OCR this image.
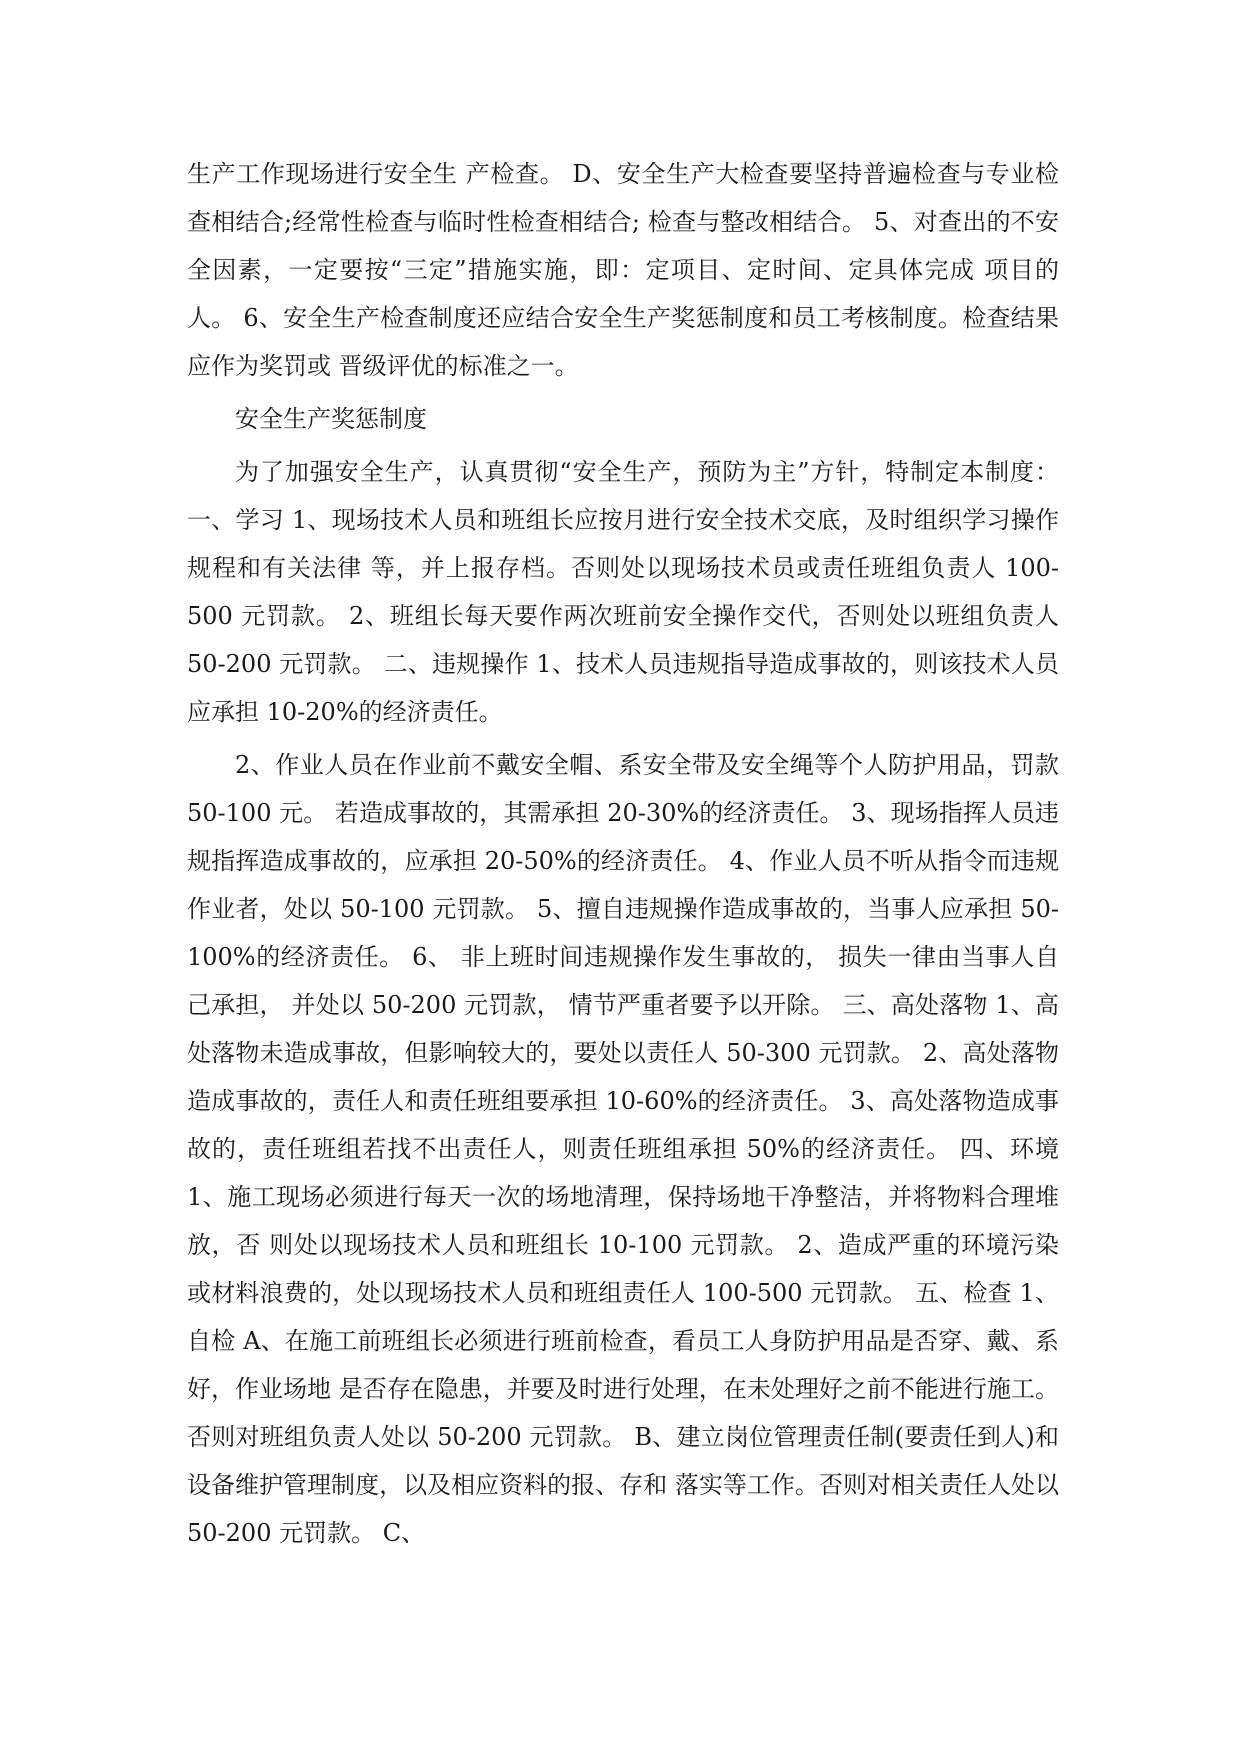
生产工作现场进行安全生 产检查。 D、安全生产大检查要坚持普遍检查与专业检查相结合;经常性检查与临时性检查相结合; 检查与整改相结合。 5、对查出的不安全因素，一定要按“三定”措施实施，即：定项目、定时间、定具体完成 项目的人。 6、安全生产检查制度还应结合安全生产奖惩制度和员工考核制度。检查结果应作为奖罚或 晋级评优的标准之一。

安全生产奖惩制度

为了加强安全生产，认真贯彻“安全生产，预防为主”方针，特制定本制度： 一、学习 1、现场技术人员和班组长应按月进行安全技术交底，及时组织学习操作规程和有关法律 等，并上报存档。否则处以现场技术员或责任班组负责人 100-500 元罚款。 2、班组长每天要作两次班前安全操作交代，否则处以班组负责人 50-200 元罚款。 二、违规操作 1、技术人员违规指导造成事故的，则该技术人员应承担 10-20%的经济责任。

2、作业人员在作业前不戴安全帽、系安全带及安全绳等个人防护用品，罚款 50-100 元。 若造成事故的，其需承担 20-30%的经济责任。 3、现场指挥人员违规指挥造成事故的，应承担 20-50%的经济责任。 4、作业人员不听从指令而违规作业者，处以 50-100 元罚款。 5、擅自违规操作造成事故的，当事人应承担 50-100%的经济责任。 6、 非上班时间违规操作发生事故的， 损失一律由当事人自己承担， 并处以 50-200 元罚款， 情节严重者要予以开除。 三、高处落物 1、高处落物未造成事故，但影响较大的，要处以责任人 50-300 元罚款。 2、高处落物造成事故的，责任人和责任班组要承担 10-60%的经济责任。 3、高处落物造成事故的，责任班组若找不出责任人，则责任班组承担 50%的经济责任。 四、环境 1、施工现场必须进行每天一次的场地清理，保持场地干净整洁，并将物料合理堆放，否 则处以现场技术人员和班组长 10-100 元罚款。 2、造成严重的环境污染或材料浪费的，处以现场技术人员和班组责任人 100-500 元罚款。 五、检查 1、自检 A、在施工前班组长必须进行班前检查，看员工人身防护用品是否穿、戴、系好，作业场地 是否存在隐患，并要及时进行处理，在未处理好之前不能进行施工。否则对班组负责人处以 50-200 元罚款。 B、建立岗位管理责任制(要责任到人)和设备维护管理制度，以及相应资料的报、存和 落实等工作。否则对相关责任人处以 50-200 元罚款。 C、
